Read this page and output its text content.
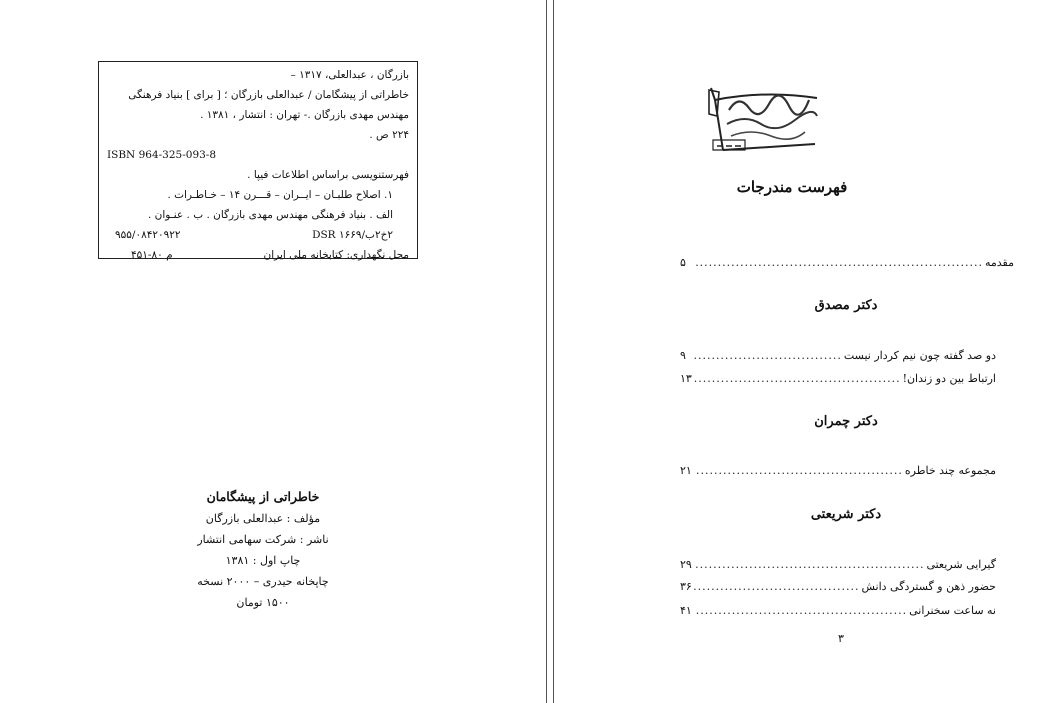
بازرگان ، عبدالعلی، ۱۳۱۷ –
خاطراتی از پیشگامان / عبدالعلی بازرگان ؛ [ برای ] بنیاد فرهنگی
مهندس مهدی بازرگان .- تهران : انتشار ، ۱۳۸۱ .
۲۲۴ ص .
ISBN 964-325-093-8
فهرستنویسی براساس اطلاعات فیپا .
۱. اصلاح طلبـان – ایــران – قـــرن ۱۴ – خـاطـرات .
الف . بنیاد فرهنگی مهندس مهدی بازرگان . ب . عنـوان .
۲خ۲ب/۱۶۶۹ DSR
۹۵۵/۰۸۴۲۰۹۲۲
محل نگهداری: کتابخانه ملی ایران
م ۸۰-۴۵۱
خاطراتی از پیشگامان
مؤلف : عبدالعلی بازرگان
ناشر : شرکت سهامی انتشار
چاپ اول : ۱۳۸۱
چاپخانه حیدری – ۲۰۰۰ نسخه
۱۵۰۰ تومان
فهرست مندرجات
مقدمه
.....
۵
دکتر مصدق
دو صد گفته چون نیم کردار نیست
.....
۹
ارتباط بین دو زندان!
.....
۱۳
دکتر چمران
مجموعه چند خاطره
.....
۲۱
دکتر شریعتی
گیرایی شریعتی
.....
۲۹
حضور ذهن و گستردگی دانش
.....
۳۶
نه ساعت سخنرانی
.....
۴۱
۳
